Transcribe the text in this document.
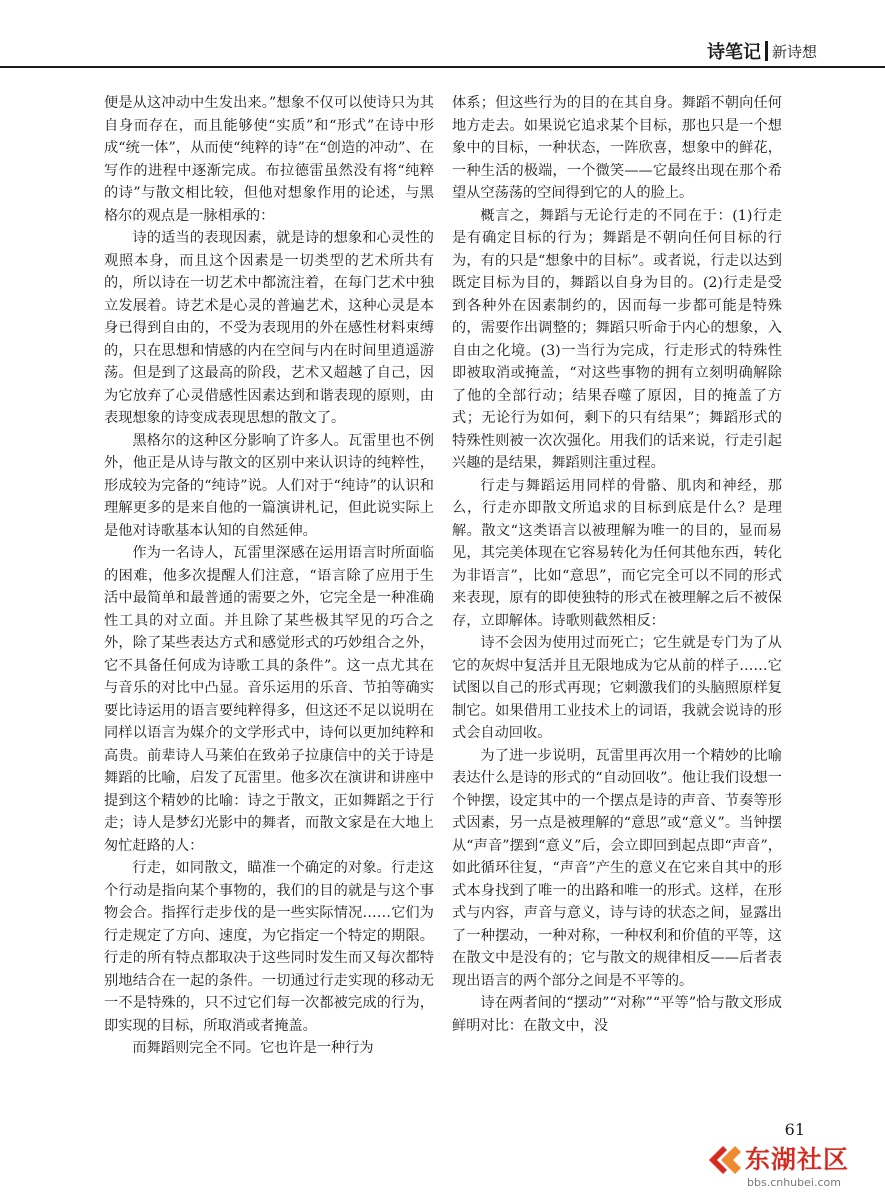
诗笔记 新诗想

便是从这冲动中生发出来。”想象不仅可以使诗只为其自身而存在，而且能够使“实质”和“形式”在诗中形成“统一体”，从而使“纯粹的诗”在“创造的冲动”、在写作的进程中逐渐完成。布拉德雷虽然没有将“纯粹的诗”与散文相比较，但他对想象作用的论述，与黑格尔的观点是一脉相承的：

诗的适当的表现因素，就是诗的想象和心灵性的观照本身，而且这个因素是一切类型的艺术所共有的，所以诗在一切艺术中都流注着，在每门艺术中独立发展着。诗艺术是心灵的普遍艺术，这种心灵是本身已得到自由的，不受为表现用的外在感性材料束缚的，只在思想和情感的内在空间与内在时间里逍遥游荡。但是到了这最高的阶段，艺术又超越了自己，因为它放弃了心灵借感性因素达到和谐表现的原则，由表现想象的诗变成表现思想的散文了。

黑格尔的这种区分影响了许多人。瓦雷里也不例外，他正是从诗与散文的区别中来认识诗的纯粹性，形成较为完备的“纯诗”说。人们对于“纯诗”的认识和理解更多的是来自他的一篇演讲札记，但此说实际上是他对诗歌基本认知的自然延伸。

作为一名诗人，瓦雷里深感在运用语言时所面临的困难，他多次提醒人们注意，“语言除了应用于生活中最简单和最普通的需要之外，它完全是一种准确性工具的对立面。并且除了某些极其罕见的巧合之外，除了某些表达方式和感觉形式的巧妙组合之外，它不具备任何成为诗歌工具的条件”。这一点尤其在与音乐的对比中凸显。音乐运用的乐音、节拍等确实要比诗运用的语言要纯粹得多，但这还不足以说明在同样以语言为媒介的文学形式中，诗何以更加纯粹和高贵。前辈诗人马莱伯在致弟子拉康信中的关于诗是舞蹈的比喻，启发了瓦雷里。他多次在演讲和讲座中提到这个精妙的比喻：诗之于散文，正如舞蹈之于行走；诗人是梦幻光影中的舞者，而散文家是在大地上匆忙赶路的人：

行走，如同散文，瞄准一个确定的对象。行走这个行动是指向某个事物的，我们的目的就是与这个事物会合。指挥行走步伐的是一些实际情况……它们为行走规定了方向、速度，为它指定一个特定的期限。行走的所有特点都取决于这些同时发生而又每次都特别地结合在一起的条件。一切通过行走实现的移动无一不是特殊的，只不过它们每一次都被完成的行为，即实现的目标，所取消或者掩盖。

而舞蹈则完全不同。它也许是一种行为

体系；但这些行为的目的在其自身。舞蹈不朝向任何地方走去。如果说它追求某个目标，那也只是一个想象中的目标，一种状态，一阵欣喜，想象中的鲜花，一种生活的极端，一个微笑——它最终出现在那个希望从空荡荡的空间得到它的人的脸上。

概言之，舞蹈与无论行走的不同在于：(1)行走是有确定目标的行为；舞蹈是不朝向任何目标的行为，有的只是“想象中的目标”。或者说，行走以达到既定目标为目的，舞蹈以自身为目的。(2)行走是受到各种外在因素制约的，因而每一步都可能是特殊的，需要作出调整的；舞蹈只听命于内心的想象，入自由之化境。(3)一当行为完成，行走形式的特殊性即被取消或掩盖，“对这些事物的拥有立刻明确解除了他的全部行动；结果吞噬了原因，目的掩盖了方式；无论行为如何，剩下的只有结果”；舞蹈形式的特殊性则被一次次强化。用我们的话来说，行走引起兴趣的是结果，舞蹈则注重过程。

行走与舞蹈运用同样的骨骼、肌肉和神经，那么，行走亦即散文所追求的目标到底是什么？是理解。散文“这类语言以被理解为唯一的目的，显而易见，其完美体现在它容易转化为任何其他东西，转化为非语言”，比如“意思”，而它完全可以不同的形式来表现，原有的即使独特的形式在被理解之后不被保存，立即解体。诗歌则截然相反：

诗不会因为使用过而死亡；它生就是专门为了从它的灰烬中复活并且无限地成为它从前的样子……它试图以自己的形式再现；它刺激我们的头脑照原样复制它。如果借用工业技术上的词语，我就会说诗的形式会自动回收。

为了进一步说明，瓦雷里再次用一个精妙的比喻表达什么是诗的形式的“自动回收”。他让我们设想一个钟摆，设定其中的一个摆点是诗的声音、节奏等形式因素，另一点是被理解的“意思”或“意义”。当钟摆从“声音”摆到“意义”后，会立即回到起点即“声音”，如此循环往复，“声音”产生的意义在它来自其中的形式本身找到了唯一的出路和唯一的形式。这样，在形式与内容，声音与意义，诗与诗的状态之间，显露出了一种摆动，一种对称，一种权利和价值的平等，这在散文中是没有的；它与散文的规律相反——后者表现出语言的两个部分之间是不平等的。

诗在两者间的“摆动”“对称”“平等”恰与散文形成鲜明对比：在散文中，没

61
东湖社区
bbs.cnhubei.com
